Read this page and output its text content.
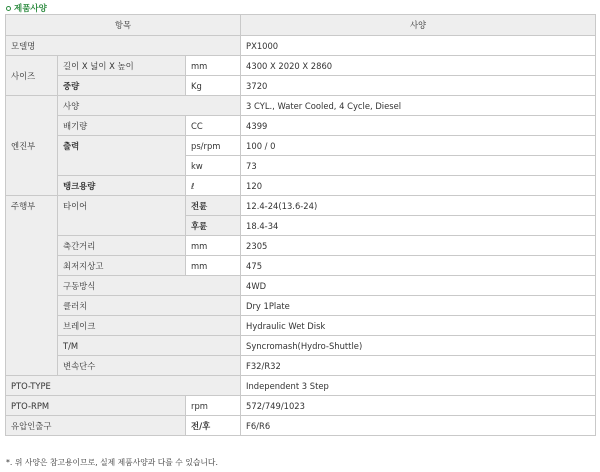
제품사양
항목			사양
모델명			PX1000
사이즈	길이 X 넓이 X 높이	mm	4300 X 2020 X 2860
	중량	Kg	3720
엔진부	사양		3 CYL., Water Cooled, 4 Cycle, Diesel
	배기량	CC	4399
	출력	ps/rpm	100 / 0
		kw	73
	탱크용량	ℓ	120
주행부	타이어	전륜	12.4-24(13.6-24)
		후륜	18.4-34
	축간거리	mm	2305
	최저지상고	mm	475
	구동방식		4WD
	클러치		Dry 1Plate
	브레이크		Hydraulic Wet Disk
	T/M		Syncromash(Hydro-Shuttle)
	변속단수		F32/R32
PTO-TYPE			Independent 3 Step
PTO-RPM		rpm	572/749/1023
유압인출구		전/후	F6/R6
*. 위 사양은 참고용이므로, 실제 제품사양과 다를 수 있습니다.
